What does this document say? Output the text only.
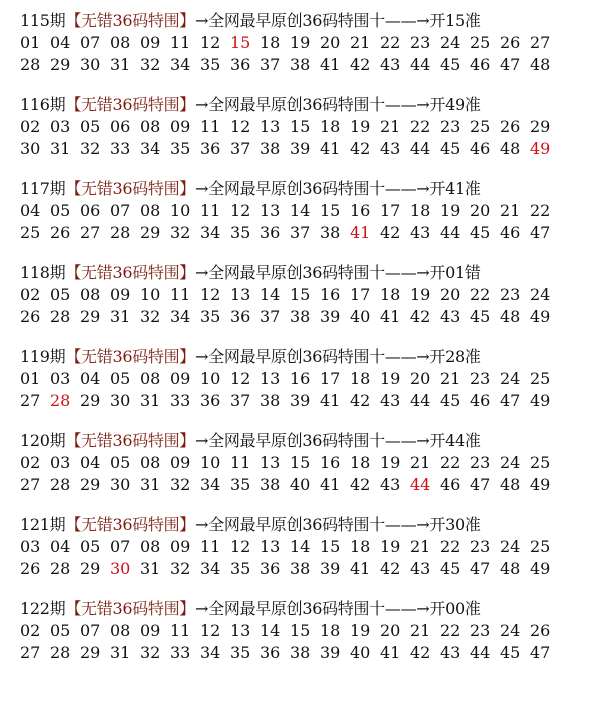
115期【无错36码特围】→全网最早原创36码特围十——→开15准
01 04 07 08 09 11 12 15 18 19 20 21 22 23 24 25 26 27
28 29 30 31 32 34 35 36 37 38 41 42 43 44 45 46 47 48
116期【无错36码特围】→全网最早原创36码特围十——→开49准
02 03 05 06 08 09 11 12 13 15 18 19 21 22 23 25 26 29
30 31 32 33 34 35 36 37 38 39 41 42 43 44 45 46 48 49
117期【无错36码特围】→全网最早原创36码特围十——→开41准
04 05 06 07 08 10 11 12 13 14 15 16 17 18 19 20 21 22
25 26 27 28 29 32 34 35 36 37 38 41 42 43 44 45 46 47
118期【无错36码特围】→全网最早原创36码特围十——→开01错
02 05 08 09 10 11 12 13 14 15 16 17 18 19 20 22 23 24
26 28 29 31 32 34 35 36 37 38 39 40 41 42 43 45 48 49
119期【无错36码特围】→全网最早原创36码特围十——→开28准
01 03 04 05 08 09 10 12 13 16 17 18 19 20 21 23 24 25
27 28 29 30 31 33 36 37 38 39 41 42 43 44 45 46 47 49
120期【无错36码特围】→全网最早原创36码特围十——→开44准
02 03 04 05 08 09 10 11 13 15 16 18 19 21 22 23 24 25
27 28 29 30 31 32 34 35 38 40 41 42 43 44 46 47 48 49
121期【无错36码特围】→全网最早原创36码特围十——→开30准
03 04 05 07 08 09 11 12 13 14 15 18 19 21 22 23 24 25
26 28 29 30 31 32 34 35 36 38 39 41 42 43 45 47 48 49
122期【无错36码特围】→全网最早原创36码特围十——→开00准
02 05 07 08 09 11 12 13 14 15 18 19 20 21 22 23 24 26
27 28 29 31 32 33 34 35 36 38 39 40 41 42 43 44 45 47
